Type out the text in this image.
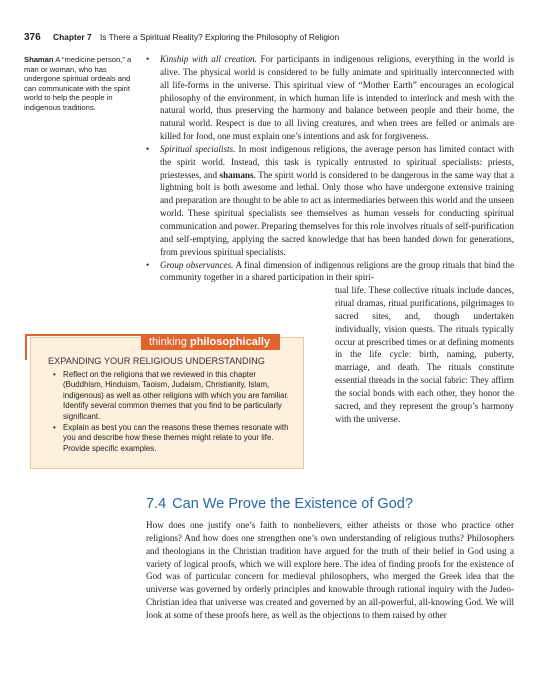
376 Chapter 7 Is There a Spiritual Reality? Exploring the Philosophy of Religion
Shaman A “medicine person,” a man or woman, who has undergone spiritual ordeals and can communicate with the spirit world to help the people in indigenous traditions.
• Kinship with all creation. For participants in indigenous religions, everything in the world is alive. The physical world is considered to be fully animate and spiritually interconnected with all life-forms in the universe. This spiritual view of “Mother Earth” encourages an ecological philosophy of the environment, in which human life is intended to interlock and mesh with the natural world, thus preserving the harmony and balance between people and their home, the natural world. Respect is due to all living creatures, and when trees are felled or animals are killed for food, one must explain one’s intentions and ask for forgiveness.
• Spiritual specialists. In most indigenous religions, the average person has limited contact with the spirit world. Instead, this task is typically entrusted to spiritual specialists: priests, priestesses, and shamans. The spirit world is considered to be dangerous in the same way that a lightning bolt is both awesome and lethal. Only those who have undergone extensive training and preparation are thought to be able to act as intermediaries between this world and the unseen world. These spiritual specialists see themselves as human vessels for conducting spiritual communication and power. Preparing themselves for this role involves rituals of self-purification and self-emptying, applying the sacred knowledge that has been handed down for generations, from previous spiritual specialists.
• Group observances. A final dimension of indigenous religions are the group rituals that bind the community together in a shared participation in their spiri-
tual life. These collective rituals include dances, ritual dramas, ritual purifications, pilgrimages to sacred sites, and, though undertaken individually, vision quests. The rituals typically occur at prescribed times or at defining moments in the life cycle: birth, naming, puberty, marriage, and death. The rituals constitute essential threads in the social fabric: They affirm the social bonds with each other, they honor the sacred, and they represent the group’s harmony with the universe.
thinking philosophically
EXPANDING YOUR RELIGIOUS UNDERSTANDING
• Reflect on the religions that we reviewed in this chapter (Buddhism, Hinduism, Taoism, Judaism, Christianity, Islam, indigenous) as well as other religions with which you are familiar. Identify several common themes that you find to be particularly significant.
• Explain as best you can the reasons these themes resonate with you and describe how these themes might relate to your life. Provide specific examples.
7.4 Can We Prove the Existence of God?

How does one justify one’s faith to nonbelievers, either atheists or those who practice other religions? And how does one strengthen one’s own understanding of religious truths? Philosophers and theologians in the Christian tradition have argued for the truth of their belief in God using a variety of logical proofs, which we will explore here. The idea of finding proofs for the existence of God was of particular concern for medieval philosophers, who merged the Greek idea that the universe was governed by orderly principles and knowable through rational inquiry with the Judeo-Christian idea that universe was created and governed by an all-powerful, all-knowing God. We will look at some of these proofs here, as well as the objections to them raised by other
